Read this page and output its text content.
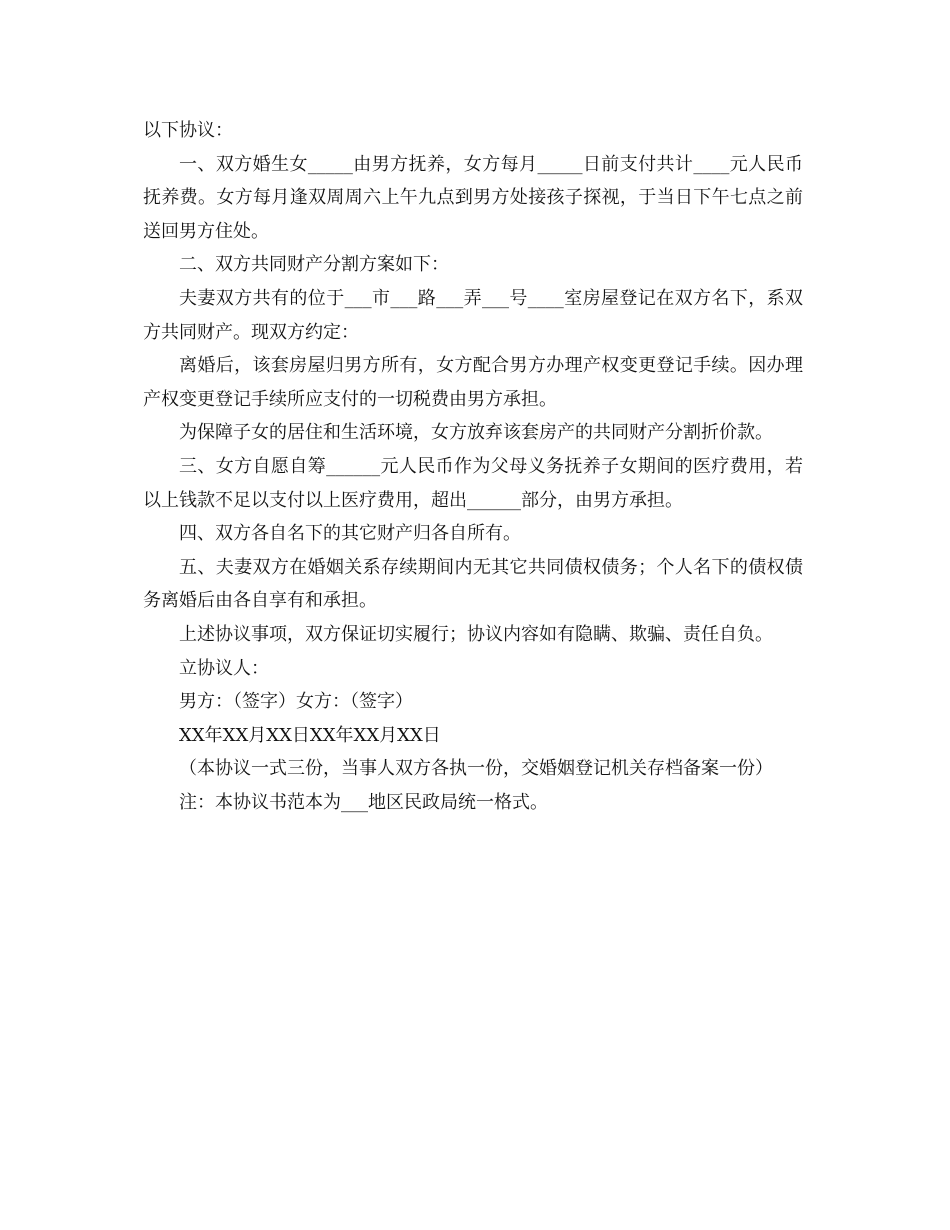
以下协议：

一、双方婚生女_____由男方抚养，女方每月_____日前支付共计____元人民币抚养费。女方每月逢双周周六上午九点到男方处接孩子探视，于当日下午七点之前送回男方住处。

二、双方共同财产分割方案如下：

夫妻双方共有的位于___市___路___弄___号____室房屋登记在双方名下，系双方共同财产。现双方约定：

离婚后，该套房屋归男方所有，女方配合男方办理产权变更登记手续。因办理产权变更登记手续所应支付的一切税费由男方承担。

为保障子女的居住和生活环境，女方放弃该套房产的共同财产分割折价款。

三、女方自愿自筹______元人民币作为父母义务抚养子女期间的医疗费用，若以上钱款不足以支付以上医疗费用，超出______部分，由男方承担。

四、双方各自名下的其它财产归各自所有。

五、夫妻双方在婚姻关系存续期间内无其它共同债权债务；个人名下的债权债务离婚后由各自享有和承担。

上述协议事项，双方保证切实履行；协议内容如有隐瞒、欺骗、责任自负。

立协议人：

男方：（签字）女方：（签字）

XX年XX月XX日XX年XX月XX日

（本协议一式三份，当事人双方各执一份，交婚姻登记机关存档备案一份）

注：本协议书范本为___地区民政局统一格式。
